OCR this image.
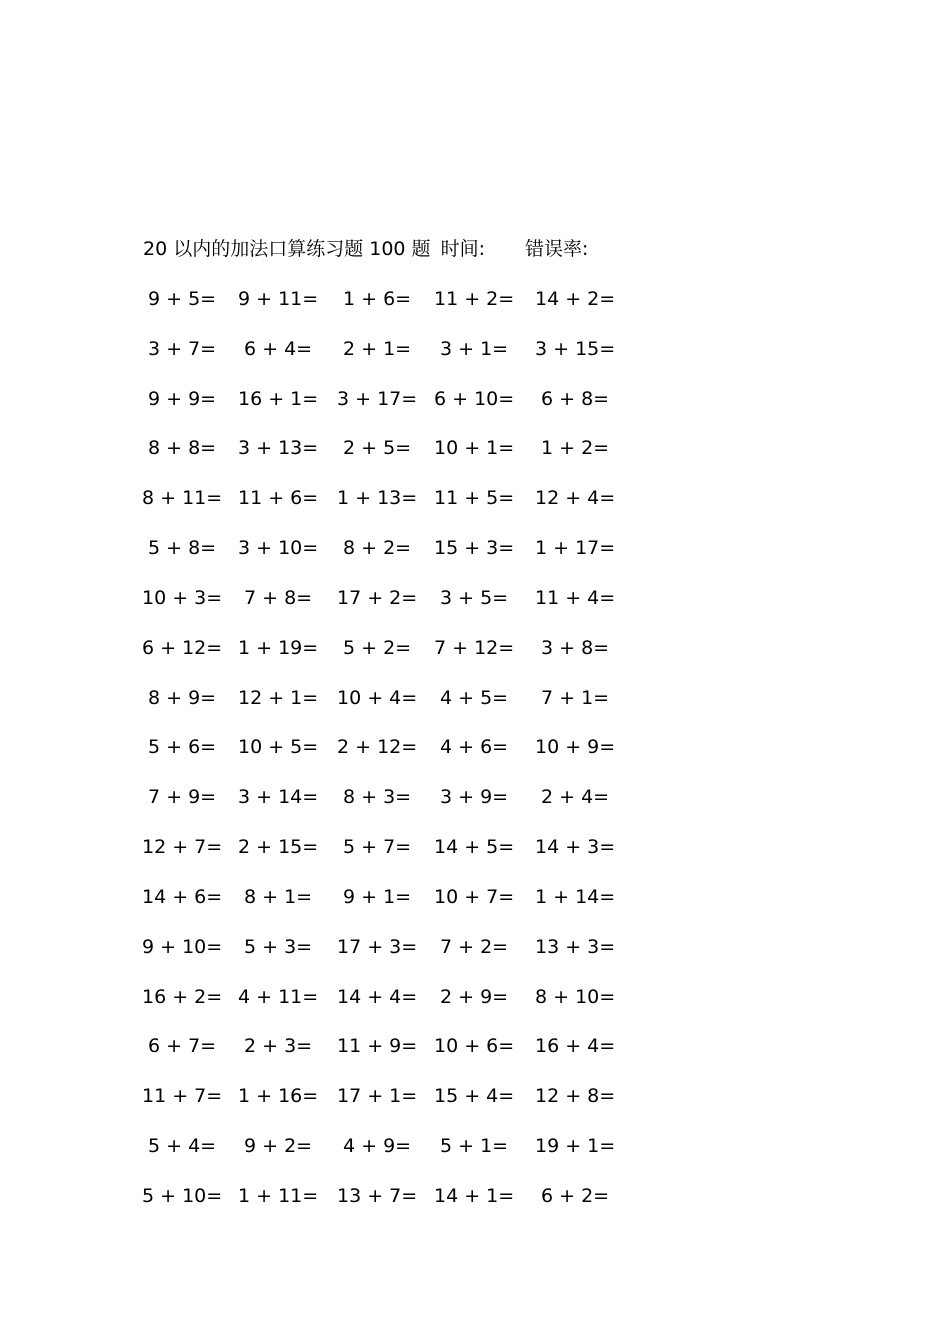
20 以内的加法口算练习题 100 题 时间: 错误率:
9 + 5= 9 + 11= 1 + 6= 11 + 2= 14 + 2=
3 + 7= 6 + 4= 2 + 1= 3 + 1= 3 + 15=
9 + 9= 16 + 1= 3 + 17= 6 + 10= 6 + 8=
8 + 8= 3 + 13= 2 + 5= 10 + 1= 1 + 2=
8 + 11= 11 + 6= 1 + 13= 11 + 5= 12 + 4=
5 + 8= 3 + 10= 8 + 2= 15 + 3= 1 + 17=
10 + 3= 7 + 8= 17 + 2= 3 + 5= 11 + 4=
6 + 12= 1 + 19= 5 + 2= 7 + 12= 3 + 8=
8 + 9= 12 + 1= 10 + 4= 4 + 5= 7 + 1=
5 + 6= 10 + 5= 2 + 12= 4 + 6= 10 + 9=
7 + 9= 3 + 14= 8 + 3= 3 + 9= 2 + 4=
12 + 7= 2 + 15= 5 + 7= 14 + 5= 14 + 3=
14 + 6= 8 + 1= 9 + 1= 10 + 7= 1 + 14=
9 + 10= 5 + 3= 17 + 3= 7 + 2= 13 + 3=
16 + 2= 4 + 11= 14 + 4= 2 + 9= 8 + 10=
6 + 7= 2 + 3= 11 + 9= 10 + 6= 16 + 4=
11 + 7= 1 + 16= 17 + 1= 15 + 4= 12 + 8=
5 + 4= 9 + 2= 4 + 9= 5 + 1= 19 + 1=
5 + 10= 1 + 11= 13 + 7= 14 + 1= 6 + 2=
